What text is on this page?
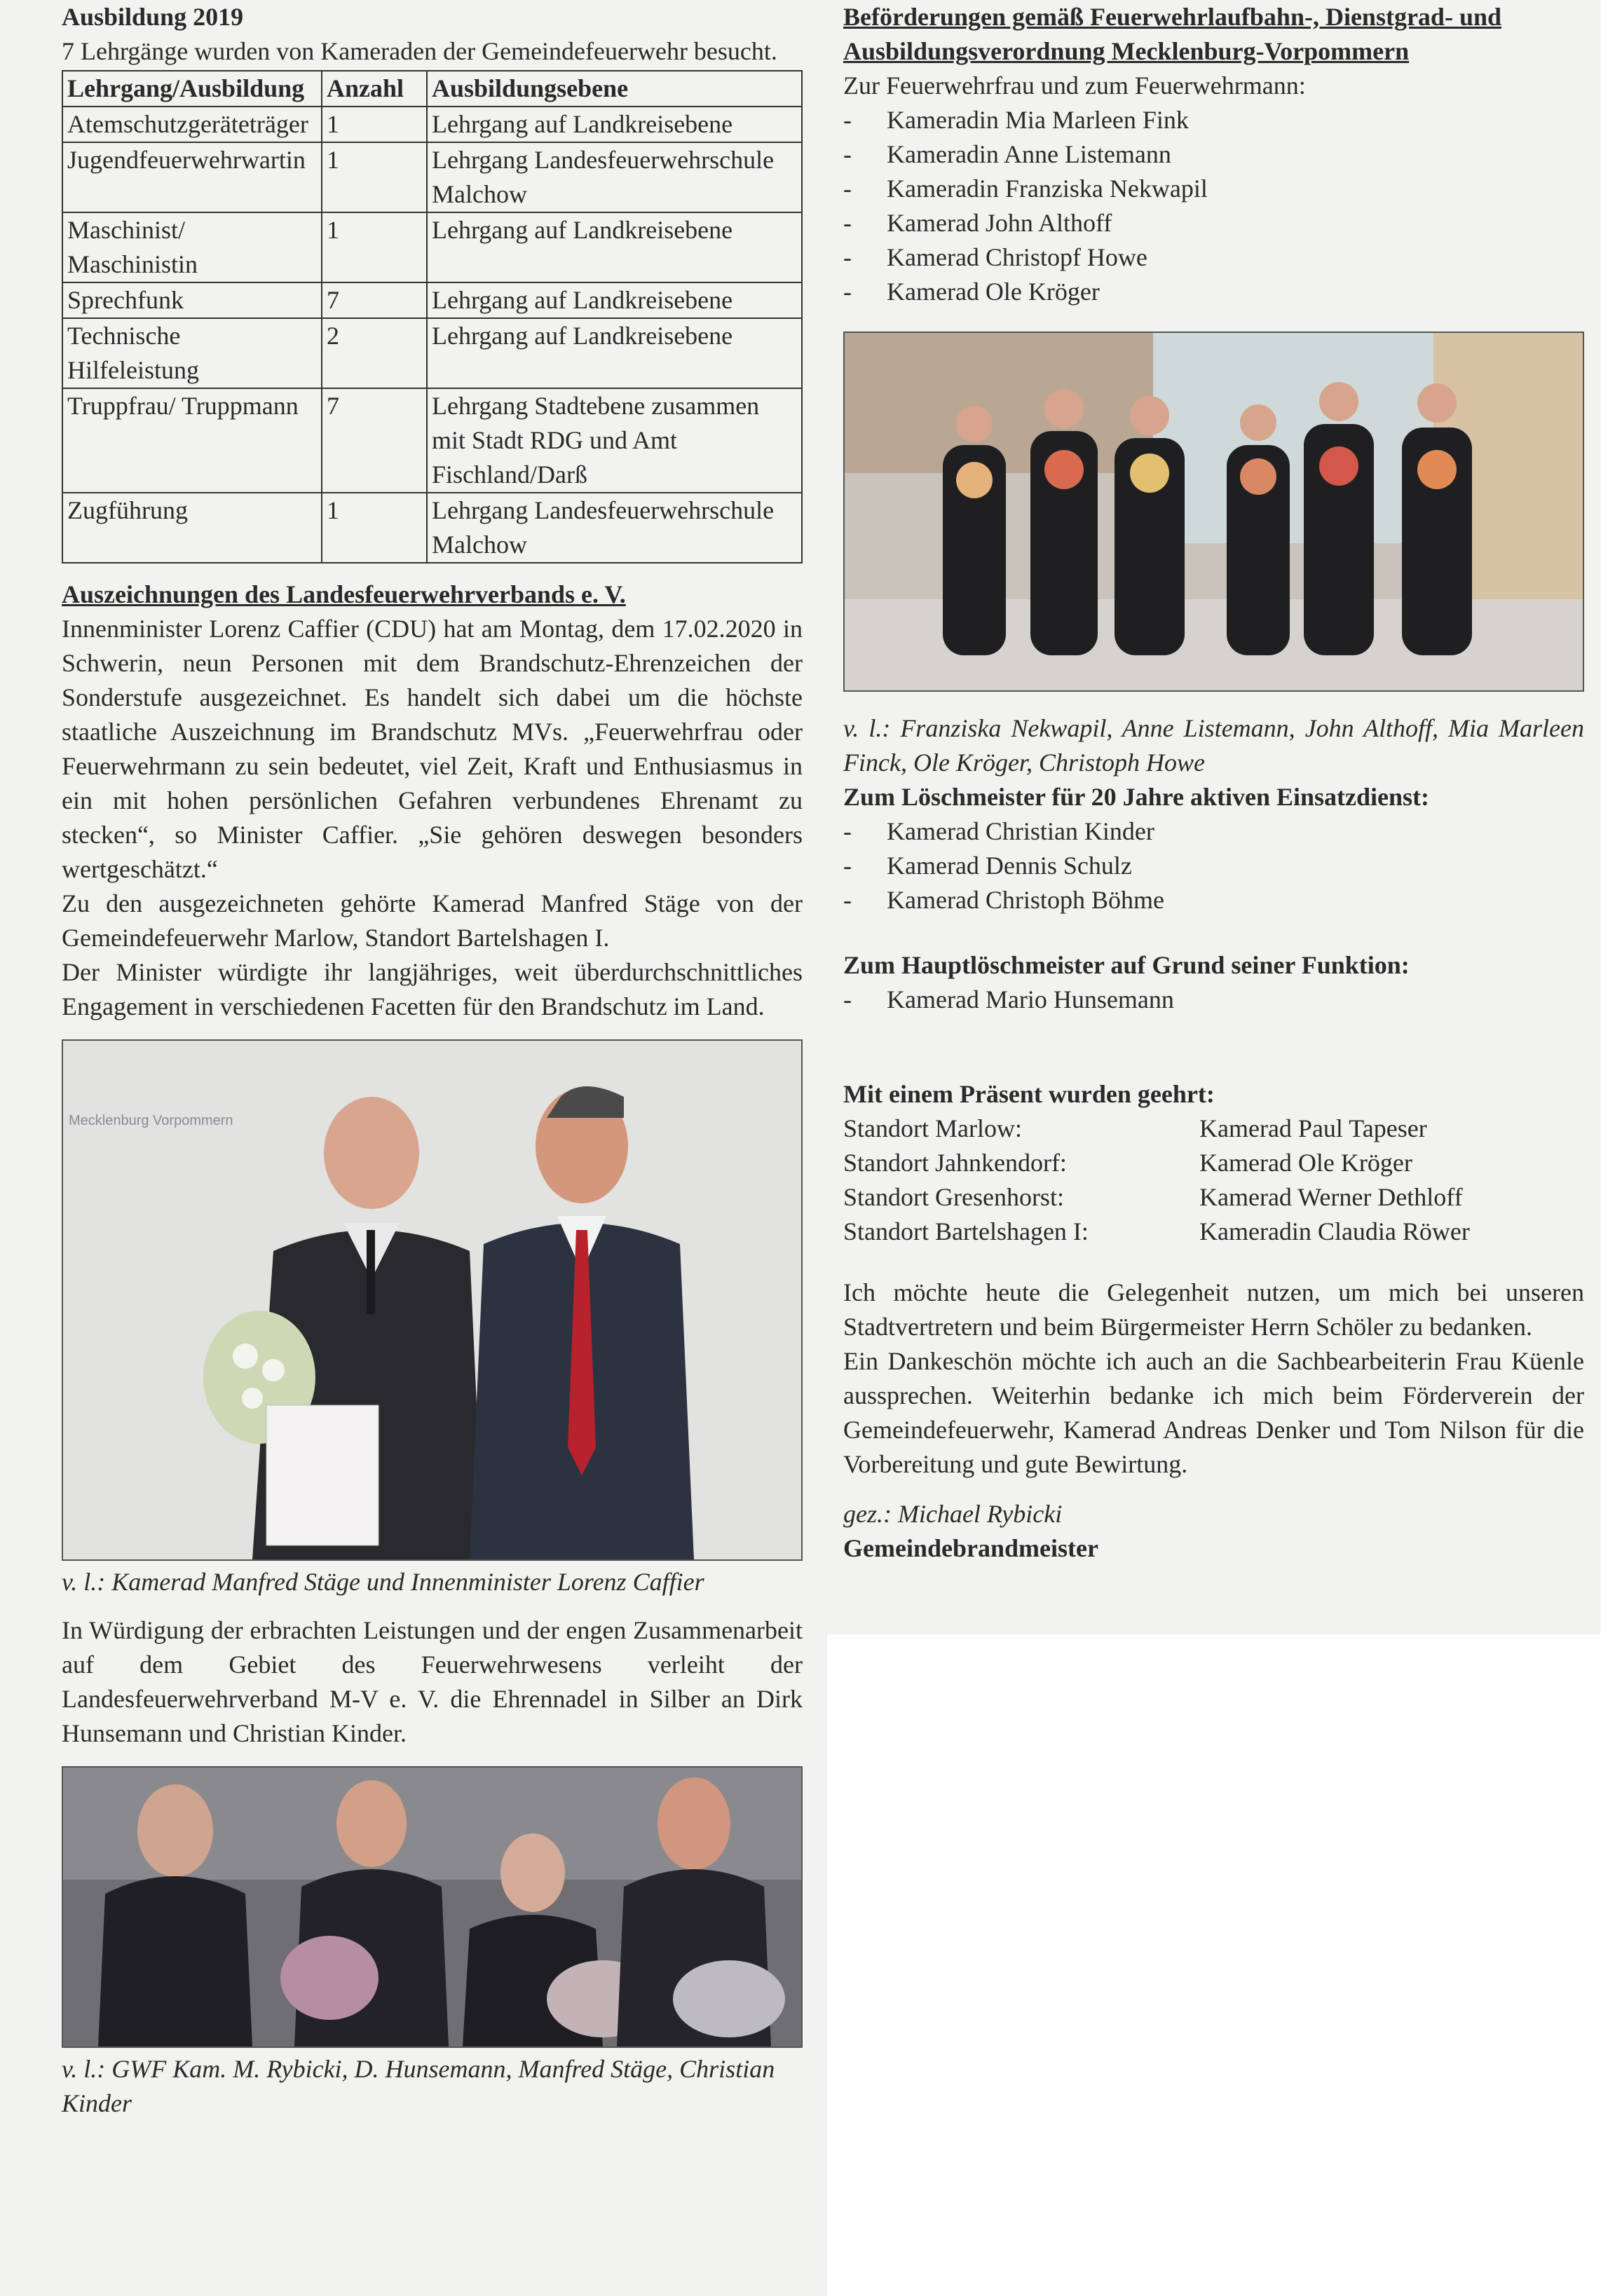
Ausbildung 2019

7 Lehrgänge wurden von Kameraden der Gemeindefeuerwehr besucht.

Lehrgang/Ausbildung	Anzahl	Ausbildungsebene
Atemschutzgeräteträger	1	Lehrgang auf Landkreisebene
Jugendfeuerwehrwartin	1	Lehrgang Landesfeuerwehrschule Malchow
Maschinist/ Maschinistin	1	Lehrgang auf Landkreisebene
Sprechfunk	7	Lehrgang auf Landkreisebene
Technische Hilfeleistung	2	Lehrgang auf Landkreisebene
Truppfrau/ Truppmann	7	Lehrgang Stadtebene zusammen mit Stadt RDG und Amt Fischland/Darß
Zugführung	1	Lehrgang Landesfeuerwehrschule Malchow
Auszeichnungen des Landesfeuerwehrverbands e. V.

Innenminister Lorenz Caffier (CDU) hat am Montag, dem 17.02.2020 in Schwerin, neun Personen mit dem Brandschutz-Ehrenzeichen der Sonderstufe ausgezeichnet. Es handelt sich dabei um die höchste staatliche Auszeichnung im Brandschutz MVs. „Feuerwehrfrau oder Feuerwehrmann zu sein bedeutet, viel Zeit, Kraft und Enthusiasmus in ein mit hohen persönlichen Gefahren verbundenes Ehrenamt zu stecken“, so Minister Caffier. „Sie gehören deswegen besonders wertgeschätzt.“

Zu den ausgezeichneten gehörte Kamerad Manfred Stäge von der Gemeindefeuerwehr Marlow, Standort Bartelshagen I.

Der Minister würdigte ihr langjähriges, weit überdurchschnittliches Engagement in verschiedenen Facetten für den Brandschutz im Land.

Mecklenburg Vorpommern

v. l.: Kamerad Manfred Stäge und Innenminister Lorenz Caffier

In Würdigung der erbrachten Leistungen und der engen Zusammenarbeit auf dem Gebiet des Feuerwehrwesens verleiht der Landesfeuerwehrverband M-V e. V. die Ehrennadel in Silber an Dirk Hunsemann und Christian Kinder.

v. l.: GWF Kam. M. Rybicki, D. Hunsemann, Manfred Stäge, Christian Kinder

Beförderungen gemäß Feuerwehrlaufbahn-, Dienstgrad- und Ausbildungsverordnung Mecklenburg-Vorpommern

Zur Feuerwehrfrau und zum Feuerwehrmann:

-	Kameradin Mia Marleen Fink
-	Kameradin Anne Listemann
-	Kameradin Franziska Nekwapil
-	Kamerad John Althoff
-	Kamerad Christopf Howe
-	Kamerad Ole Kröger

v. l.: Franziska Nekwapil, Anne Listemann, John Althoff, Mia Marleen Finck, Ole Kröger, Christoph Howe

Zum Löschmeister für 20 Jahre aktiven Einsatzdienst:
-	Kamerad Christian Kinder
-	Kamerad Dennis Schulz
-	Kamerad Christoph Böhme
Zum Hauptlöschmeister auf Grund seiner Funktion:
-	Kamerad Mario Hunsemann
Mit einem Präsent wurden geehrt:
Standort Marlow:	Kamerad Paul Tapeser
Standort Jahnkendorf:	Kamerad Ole Kröger
Standort Gresenhorst:	Kamerad Werner Dethloff
Standort Bartelshagen I:	Kameradin Claudia Röwer

Ich möchte heute die Gelegenheit nutzen, um mich bei unseren Stadtvertretern und beim Bürgermeister Herrn Schöler zu bedanken.

Ein Dankeschön möchte ich auch an die Sachbearbeiterin Frau Küenle aussprechen. Weiterhin bedanke ich mich beim Förderverein der Gemeindefeuerwehr, Kamerad Andreas Denker und Tom Nilson für die Vorbereitung und gute Bewirtung.

gez.: Michael Rybicki

Gemeindebrandmeister
